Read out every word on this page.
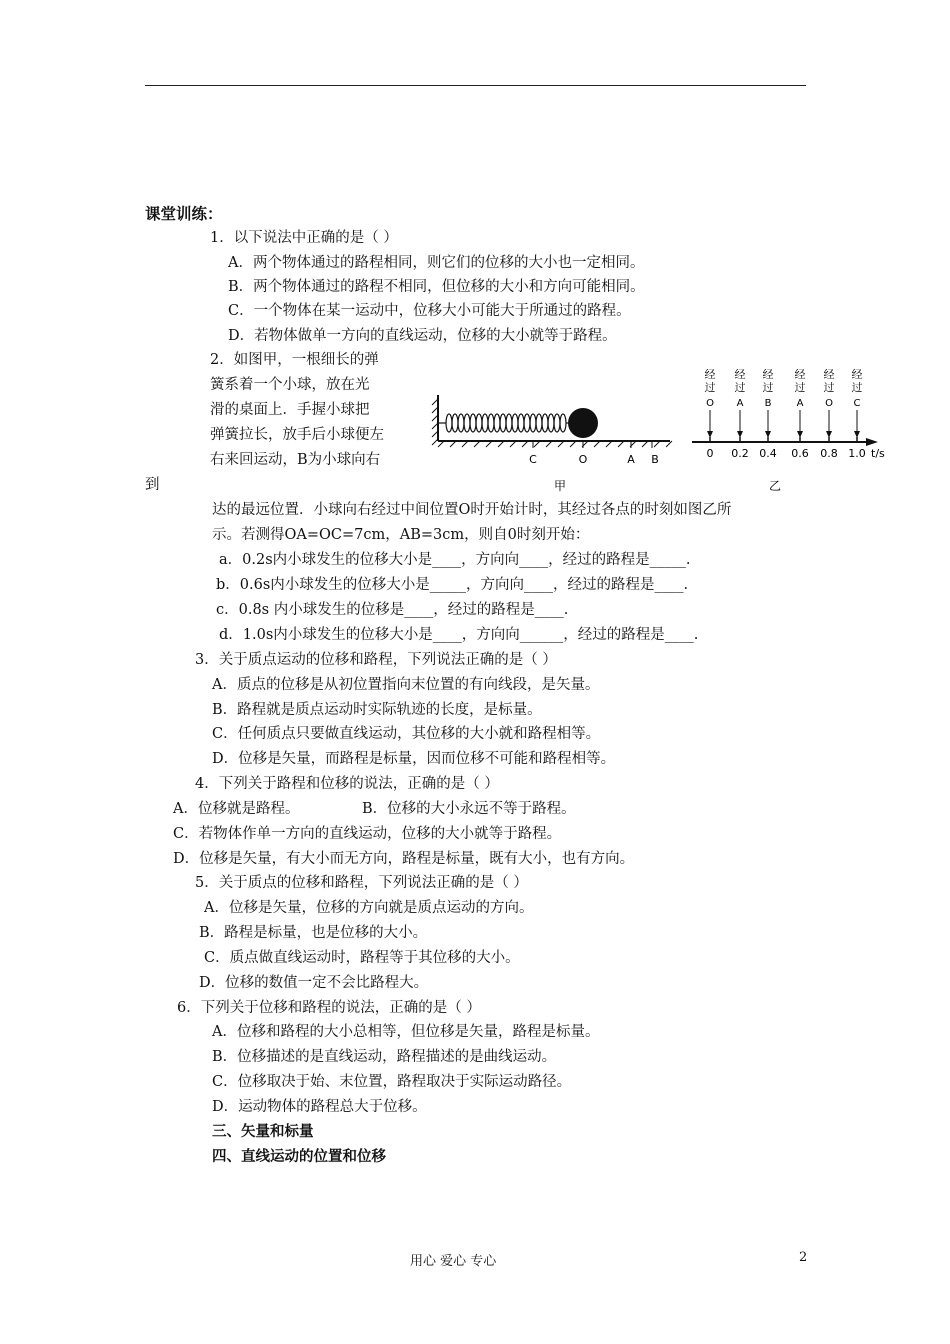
课堂训练：
1．以下说法中正确的是（ ）
A．两个物体通过的路程相同，则它们的位移的大小也一定相同。
B．两个物体通过的路程不相同，但位移的大小和方向可能相同。
C．一个物体在某一运动中，位移大小可能大于所通过的路程。
D．若物体做单一方向的直线运动，位移的大小就等于路程。
2．如图甲，一根细长的弹
簧系着一个小球，放在光
滑的桌面上．手握小球把
弹簧拉长，放手后小球便左
右来回运动，B为小球向右
到
达的最远位置．小球向右经过中间位置O时开始计时，其经过各点的时刻如图乙所
示。若测得OA=OC=7cm，AB=3cm，则自0时刻开始：
a．0.2s内小球发生的位移大小是____，方向向____，经过的路程是_____.
b．0.6s内小球发生的位移大小是_____，方向向____，经过的路程是____.
c．0.8s 内小球发生的位移是____，经过的路程是____.
d．1.0s内小球发生的位移大小是____，方向向______，经过的路程是____.
C	O	A B
甲
经
过
O
0
经
过
A
0.2
经
过
B
0.4
经
过
A
0.6
经
过
O
0.8
经
过
C
1.0 t/s
乙
3．关于质点运动的位移和路程，下列说法正确的是（ ）
A．质点的位移是从初位置指向末位置的有向线段，是矢量。
B．路程就是质点运动时实际轨迹的长度，是标量。
C．任何质点只要做直线运动，其位移的大小就和路程相等。
D．位移是矢量，而路程是标量，因而位移不可能和路程相等。
4．下列关于路程和位移的说法，正确的是（ ）
A．位移就是路程。	B．位移的大小永远不等于路程。
C．若物体作单一方向的直线运动，位移的大小就等于路程。
D．位移是矢量，有大小而无方向，路程是标量，既有大小，也有方向。
5．关于质点的位移和路程，下列说法正确的是（ ）
A．位移是矢量，位移的方向就是质点运动的方向。
B．路程是标量，也是位移的大小。
C．质点做直线运动时，路程等于其位移的大小。
D．位移的数值一定不会比路程大。
6．下列关于位移和路程的说法，正确的是（ ）
A．位移和路程的大小总相等，但位移是矢量，路程是标量。
B．位移描述的是直线运动，路程描述的是曲线运动。
C．位移取决于始、末位置，路程取决于实际运动路径。
D．运动物体的路程总大于位移。
三、矢量和标量
四、直线运动的位置和位移
用心 爱心 专心	2
